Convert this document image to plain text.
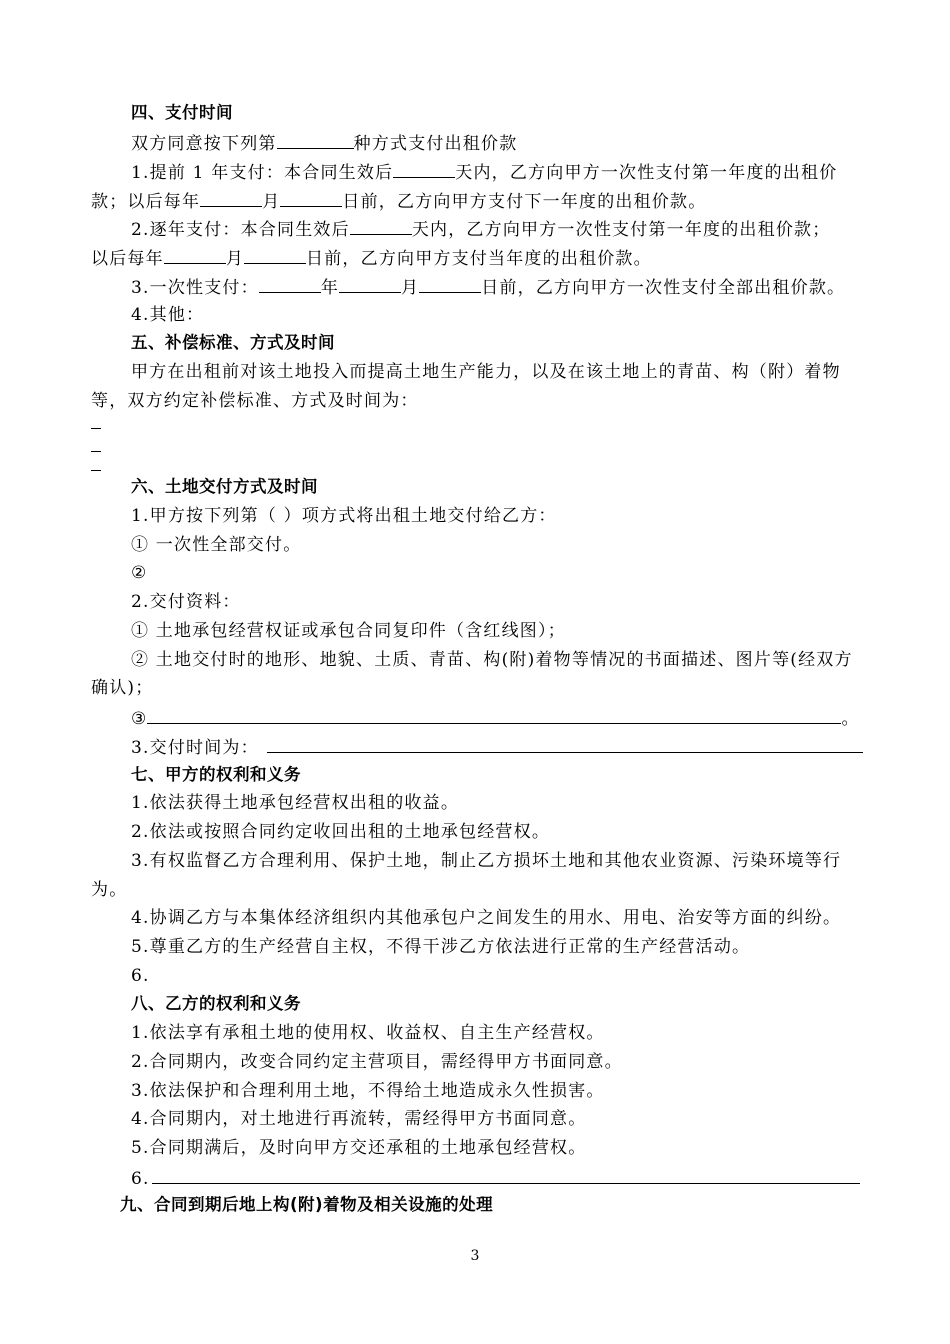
四、支付时间
双方同意按下列第	种方式支付出租价款
1.提前 1 年支付：本合同生效后	天内，乙方向甲方一次性支付第一年度的出租价
款；以后每年	月	日前，乙方向甲方支付下一年度的出租价款。
2.逐年支付：本合同生效后	天内，乙方向甲方一次性支付第一年度的出租价款；
以后每年	月	日前，乙方向甲方支付当年度的出租价款。
3.一次性支付：	年	月	日前，乙方向甲方一次性支付全部出租价款。
4.其他：
五、补偿标准、方式及时间
甲方在出租前对该土地投入而提高土地生产能力，以及在该土地上的青苗、构（附）着物
等，双方约定补偿标准、方式及时间为：
六、土地交付方式及时间
1.甲方按下列第（ ）项方式将出租土地交付给乙方：
① 一次性全部交付。
②
2.交付资料：
① 土地承包经营权证或承包合同复印件（含红线图）；
② 土地交付时的地形、地貌、土质、青苗、构(附)着物等情况的书面描述、图片等(经双方
确认)；
③	。
3.交付时间为：
七、甲方的权利和义务
1.依法获得土地承包经营权出租的收益。
2.依法或按照合同约定收回出租的土地承包经营权。
3.有权监督乙方合理利用、保护土地，制止乙方损坏土地和其他农业资源、污染环境等行
为。
4.协调乙方与本集体经济组织内其他承包户之间发生的用水、用电、治安等方面的纠纷。
5.尊重乙方的生产经营自主权，不得干涉乙方依法进行正常的生产经营活动。
6.
八、乙方的权利和义务
1.依法享有承租土地的使用权、收益权、自主生产经营权。
2.合同期内，改变合同约定主营项目，需经得甲方书面同意。
3.依法保护和合理利用土地，不得给土地造成永久性损害。
4.合同期内，对土地进行再流转，需经得甲方书面同意。
5.合同期满后，及时向甲方交还承租的土地承包经营权。
6.
九、合同到期后地上构(附)着物及相关设施的处理
3
